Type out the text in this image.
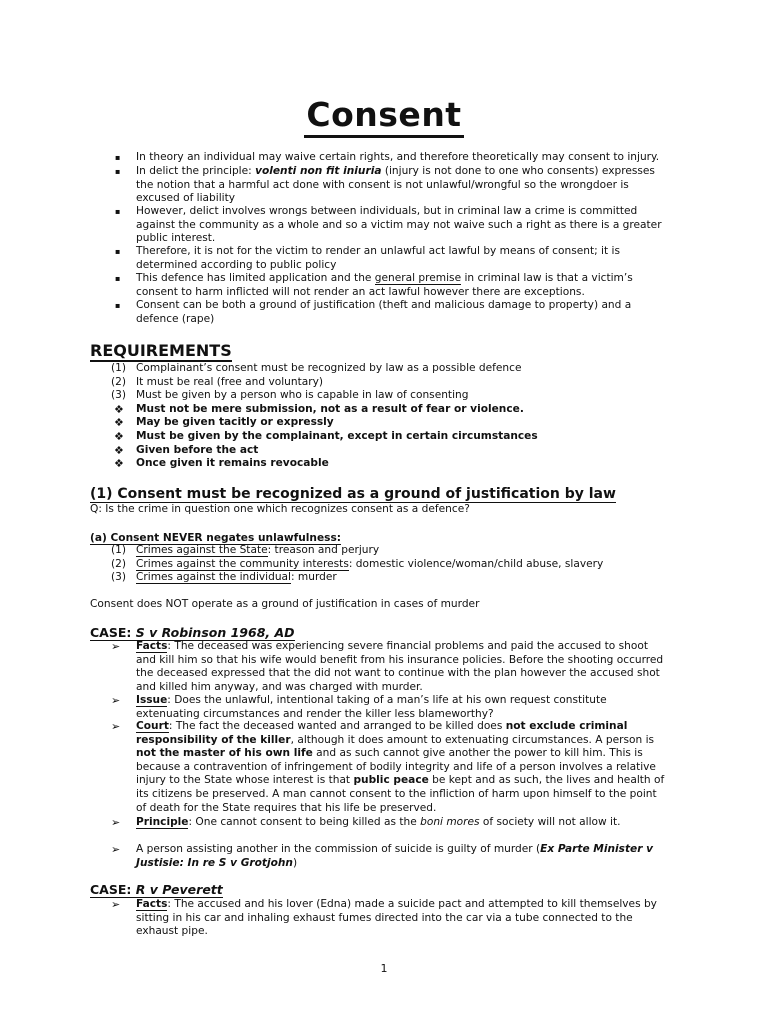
Consent
▪ In theory an individual may waive certain rights, and therefore theoretically may consent to injury.
▪ In delict the principle: volenti non fit iniuria (injury is not done to one who consents) expresses the notion that a harmful act done with consent is not unlawful/wrongful so the wrongdoer is excused of liability
▪ However, delict involves wrongs between individuals, but in criminal law a crime is committed against the community as a whole and so a victim may not waive such a right as there is a greater public interest.
▪ Therefore, it is not for the victim to render an unlawful act lawful by means of consent; it is determined according to public policy
▪ This defence has limited application and the general premise in criminal law is that a victim’s consent to harm inflicted will not render an act lawful however there are exceptions.
▪ Consent can be both a ground of justification (theft and malicious damage to property) and a defence (rape)
REQUIREMENTS
(1) Complainant’s consent must be recognized by law as a possible defence
(2) It must be real (free and voluntary)
(3) Must be given by a person who is capable in law of consenting
❖ Must not be mere submission, not as a result of fear or violence.
❖ May be given tacitly or expressly
❖ Must be given by the complainant, except in certain circumstances
❖ Given before the act
❖ Once given it remains revocable
(1) Consent must be recognized as a ground of justification by law
Q: Is the crime in question one which recognizes consent as a defence?
(a) Consent NEVER negates unlawfulness:
(1) Crimes against the State: treason and perjury
(2) Crimes against the community interests: domestic violence/woman/child abuse, slavery
(3) Crimes against the individual: murder
Consent does NOT operate as a ground of justification in cases of murder
CASE: S v Robinson 1968, AD
➢ Facts: The deceased was experiencing severe financial problems and paid the accused to shoot and kill him so that his wife would benefit from his insurance policies. Before the shooting occurred the deceased expressed that the did not want to continue with the plan however the accused shot and killed him anyway, and was charged with murder.
➢ Issue: Does the unlawful, intentional taking of a man’s life at his own request constitute extenuating circumstances and render the killer less blameworthy?
➢ Court: The fact the deceased wanted and arranged to be killed does not exclude criminal responsibility of the killer, although it does amount to extenuating circumstances. A person is not the master of his own life and as such cannot give another the power to kill him. This is because a contravention of infringement of bodily integrity and life of a person involves a relative injury to the State whose interest is that public peace be kept and as such, the lives and health of its citizens be preserved. A man cannot consent to the infliction of harm upon himself to the point of death for the State requires that his life be preserved.
➢ Principle: One cannot consent to being killed as the boni mores of society will not allow it.
➢ A person assisting another in the commission of suicide is guilty of murder (Ex Parte Minister v Justisie: In re S v Grotjohn)
CASE: R v Peverett
➢ Facts: The accused and his lover (Edna) made a suicide pact and attempted to kill themselves by sitting in his car and inhaling exhaust fumes directed into the car via a tube connected to the exhaust pipe.
1
